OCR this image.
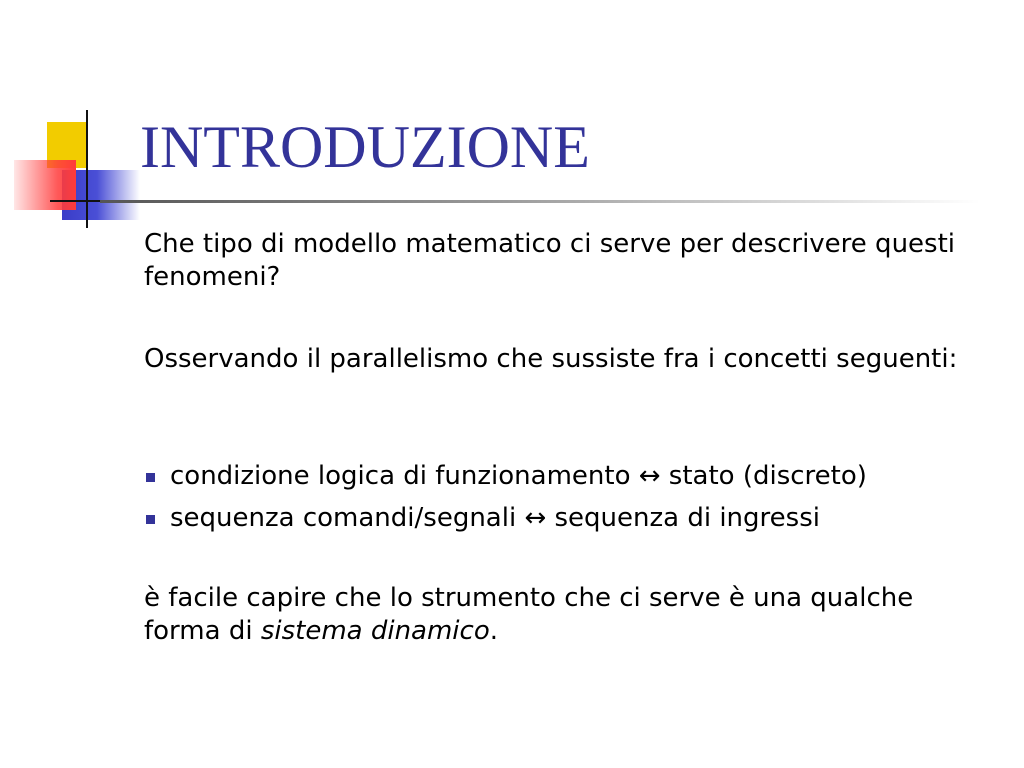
INTRODUZIONE

Che tipo di modello matematico ci serve per descrivere questi fenomeni?

Osservando il parallelismo che sussiste fra i concetti seguenti:

condizione logica di funzionamento ↔ stato (discreto)
sequenza comandi/segnali ↔ sequenza di ingressi

è facile capire che lo strumento che ci serve è una qualche forma di sistema dinamico.
